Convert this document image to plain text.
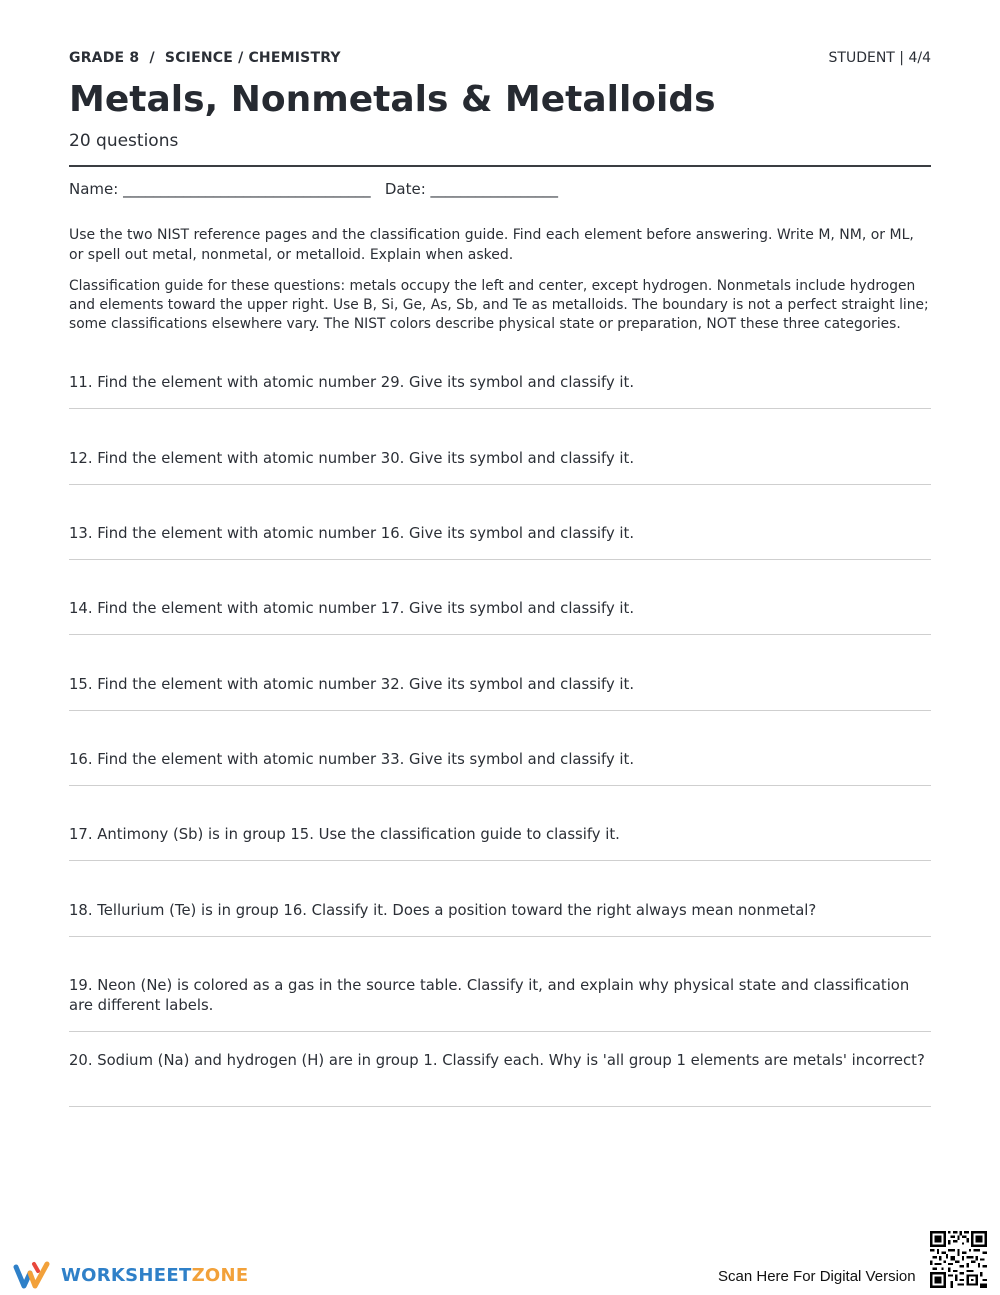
GRADE 8  /  SCIENCE / CHEMISTRY	STUDENT | 4/4
Metals, Nonmetals & Metalloids
20 questions
Name: _________________________________   Date: _________________
Use the two NIST reference pages and the classification guide. Find each element before answering. Write M, NM, or ML, or spell out metal, nonmetal, or metalloid. Explain when asked.
Classification guide for these questions: metals occupy the left and center, except hydrogen. Nonmetals include hydrogen and elements toward the upper right. Use B, Si, Ge, As, Sb, and Te as metalloids. The boundary is not a perfect straight line; some classifications elsewhere vary. The NIST colors describe physical state or preparation, NOT these three categories.
11. Find the element with atomic number 29. Give its symbol and classify it.
12. Find the element with atomic number 30. Give its symbol and classify it.
13. Find the element with atomic number 16. Give its symbol and classify it.
14. Find the element with atomic number 17. Give its symbol and classify it.
15. Find the element with atomic number 32. Give its symbol and classify it.
16. Find the element with atomic number 33. Give its symbol and classify it.
17. Antimony (Sb) is in group 15. Use the classification guide to classify it.
18. Tellurium (Te) is in group 16. Classify it. Does a position toward the right always mean nonmetal?
19. Neon (Ne) is colored as a gas in the source table. Classify it, and explain why physical state and classification are different labels.
20. Sodium (Na) and hydrogen (H) are in group 1. Classify each. Why is 'all group 1 elements are metals' incorrect?
WORKSHEETZONE	Scan Here For Digital Version
